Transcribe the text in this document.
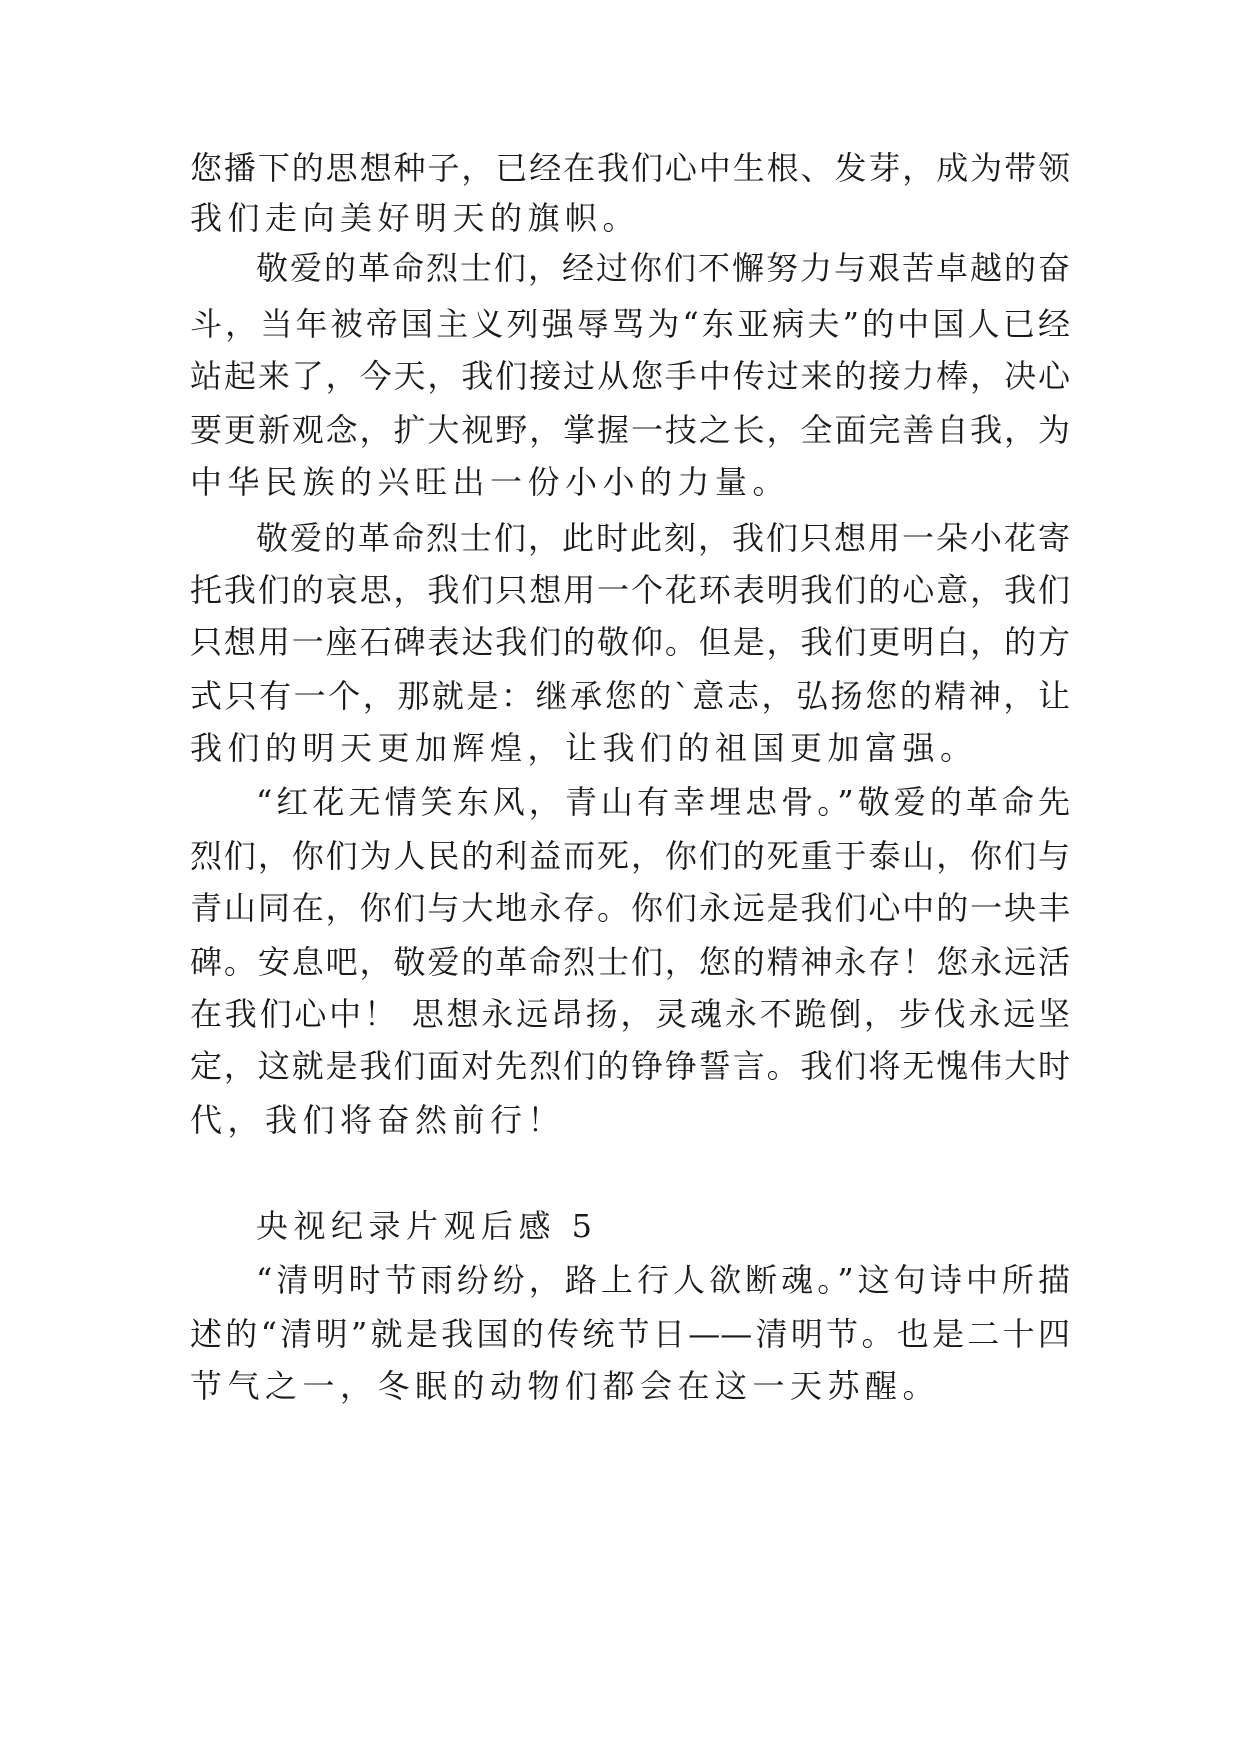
您播下的思想种子，已经在我们心中生根、发芽，成为带领
我们走向美好明天的旗帜。
敬爱的革命烈士们，经过你们不懈努力与艰苦卓越的奋
斗，当年被帝国主义列强辱骂为“东亚病夫”的中国人已经
站起来了，今天，我们接过从您手中传过来的接力棒，决心
要更新观念，扩大视野，掌握一技之长，全面完善自我，为
中华民族的兴旺出一份小小的力量。
敬爱的革命烈士们，此时此刻，我们只想用一朵小花寄
托我们的哀思，我们只想用一个花环表明我们的心意，我们
只想用一座石碑表达我们的敬仰。但是，我们更明白，的方
式只有一个，那就是：继承您的`意志，弘扬您的精神，让
我们的明天更加辉煌，让我们的祖国更加富强。
“红花无情笑东风，青山有幸埋忠骨。”敬爱的革命先
烈们，你们为人民的利益而死，你们的死重于泰山，你们与
青山同在，你们与大地永存。你们永远是我们心中的一块丰
碑。安息吧，敬爱的革命烈士们，您的精神永存！您永远活
在我们心中！ 思想永远昂扬，灵魂永不跪倒，步伐永远坚
定，这就是我们面对先烈们的铮铮誓言。我们将无愧伟大时
代，我们将奋然前行！
央视纪录片观后感 5
“清明时节雨纷纷，路上行人欲断魂。”这句诗中所描
述的“清明”就是我国的传统节日——清明节。也是二十四
节气之一，冬眠的动物们都会在这一天苏醒。
